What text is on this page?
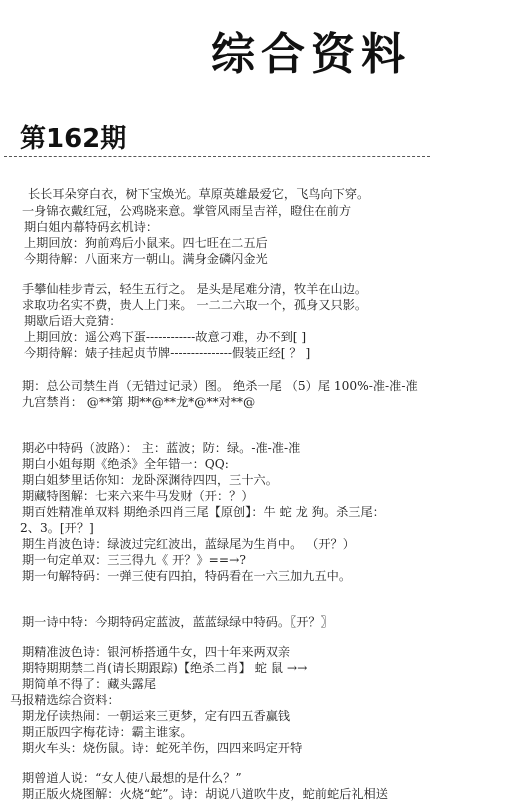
综合资料
第162期
长长耳朵穿白衣，树下宝焕光。草原英雄最爱它，飞鸟向下穿。
一身锦衣戴红冠，公鸡晓来意。掌管风雨呈吉祥，瞪住在前方
期白姐内幕特码玄机诗：
上期回放：狗前鸡后小鼠来。四七旺在二五后
今期待解：八面来方一朝山。满身金磷闪金光
手攀仙桂步青云，轻生五行之。 是头是尾难分清，牧羊在山边。
求取功名实不费，贵人上门来。 一二二六取一个，孤身又只影。
期歇后语大竞猜：
上期回放：遥公鸡下蛋------------故意刁难，办不到[ ]
今期待解：婊子挂起贞节牌---------------假装正经[ ？ ]
期：总公司禁生肖（无错过记录）图。 绝杀一尾 （5）尾 100%-准-准-准
九宫禁肖： @**第 期**@**龙*@**对**@
期必中特码（波路）： 主：蓝波；防：绿。-准-准-准
期白小姐每期《绝杀》全年错一：QQ:
期白姐梦里话你知：龙卧深渊待四四，三十六。
期藏特图解：七来六来牛马发财（开：？）
期百姓精准单双料 期绝杀四肖三尾【原创】：牛 蛇 龙 狗。杀三尾：
2、3。[开？]
期生肖波色诗：绿波过完红波出，蓝绿尾为生肖中。 （开？）
期一句定单双：三三得九《 开？》==→?
期一句解特码：一弹三使有四拍，特码看在一六三加九五中。
期一诗中特：今期特码定蓝波，蓝蓝绿绿中特码。〖开？〗
期精准波色诗：银河桥搭通牛女，四十年来两双亲
期特期期禁二肖(请长期跟踪)【绝杀二肖】 蛇 鼠 →→
期简单不得了：藏头露尾
马报精选综合资料：
期龙仔读热闹：一朝运来三更梦，定有四五香赢钱
期正版四字梅花诗：霸主谁家。
期火车头：烧伤鼠。诗：蛇死羊伤，四四来吗定开特
期曾道人说：“女人使八最想的是什么？”
期正版火烧图解：火烧“蛇”。诗：胡说八道吹牛皮，蛇前蛇后礼相送
